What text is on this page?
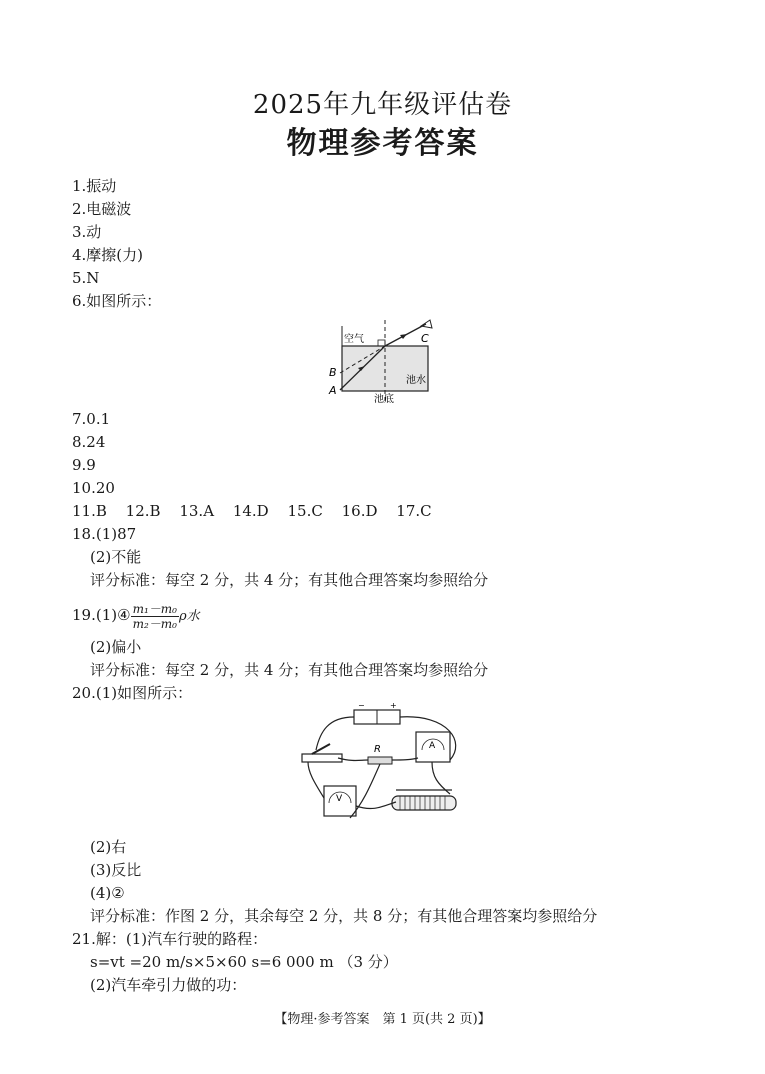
2025年九年级评估卷
物理参考答案
1.振动
2.电磁波
3.动
4.摩擦(力)
5.N
6.如图所示：
空气
池水
池底
A
B
C
7.0.1
8.24
9.9
10.20
11.B 12.B 13.A 14.D 15.C 16.D 17.C
18.(1)87
(2)不能
评分标准：每空 2 分，共 4 分；有其他合理答案均参照给分
19.(1)④ $\frac{\text{m₁－m₀}}{\text{m₂－m₀}}$ ρ水
(2)偏小
评分标准：每空 2 分，共 4 分；有其他合理答案均参照给分
20.(1)如图所示：
−	+
R	A
V
(2)右
(3)反比
(4)②
评分标准：作图 2 分，其余每空 2 分，共 8 分；有其他合理答案均参照给分
21.解：(1)汽车行驶的路程：
s=vt =20 m/s×5×60 s=6 000 m （3 分）
(2)汽车牵引力做的功：
【物理·参考答案　第 1 页(共 2 页)】
